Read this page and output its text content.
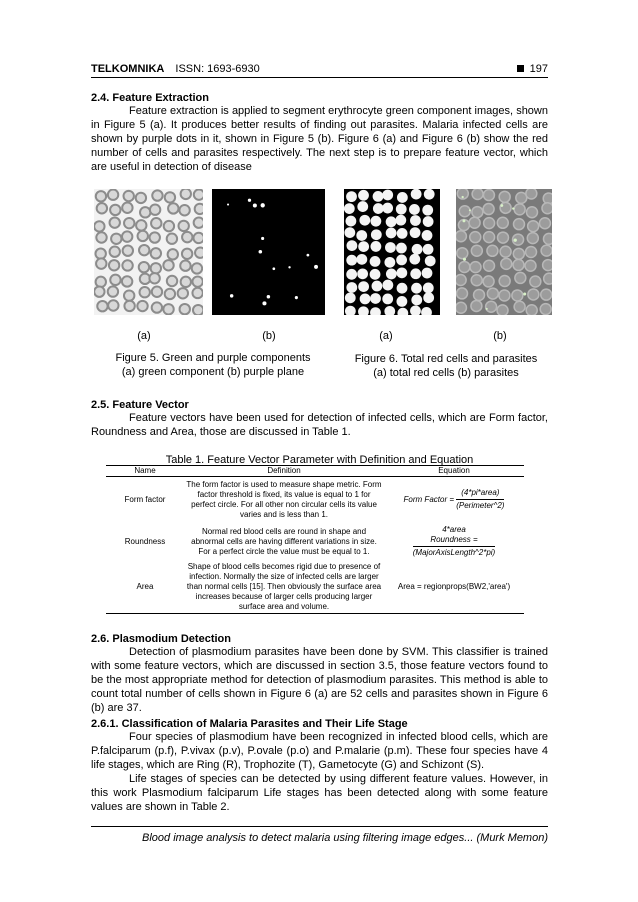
TELKOMNIKA ISSN: 1693-6930	197
2.4. Feature Extraction
Feature extraction is applied to segment erythrocyte green component images, shown in Figure 5 (a). It produces better results of finding out parasites. Malaria infected cells are shown by purple dots in it, shown in Figure 5 (b). Figure 6 (a) and Figure 6 (b) show the red number of cells and parasites respectively. The next step is to prepare feature vector, which are useful in detection of disease
(a)	(b)	(a)	(b)
Figure 5. Green and purple components
(a) green component (b) purple plane
Figure 6. Total red cells and parasites
(a) total red cells (b) parasites
2.5. Feature Vector
Feature vectors have been used for detection of infected cells, which are Form factor, Roundness and Area, those are discussed in Table 1.
Table 1. Feature Vector Parameter with Definition and Equation
Name	Definition	Equation
Form factor	The form factor is used to measure shape metric. Form factor threshold is fixed, its value is equal to 1 for perfect circle. For all other non circular cells its value varies and is less than 1.	Form Factor = $\frac{\text{(4*pi*area)}}{\text{(Perimeter\textasciicircum{}2)}}$
Roundness	Normal red blood cells are round in shape and abnormal cells are having different variations in size. For a perfect circle the value must be equal to 1.	4*area
Roundness =
(MajorAxisLength^2*pi)

Area	Shape of blood cells becomes rigid due to presence of infection. Normally the size of infected cells are larger than normal cells [15]. Then obviously the surface area increases because of larger cells producing larger surface area and volume.	Area = regionprops(BW2,'area')
2.6. Plasmodium Detection
Detection of plasmodium parasites have been done by SVM. This classifier is trained with some feature vectors, which are discussed in section 3.5, those feature vectors found to be the most appropriate method for detection of plasmodium parasites. This method is able to count total number of cells shown in Figure 6 (a) are 52 cells and parasites shown in Figure 6 (b) are 37.
2.6.1. Classification of Malaria Parasites and Their Life Stage
Four species of plasmodium have been recognized in infected blood cells, which are P.falciparum (p.f), P.vivax (p.v), P.ovale (p.o) and P.malarie (p.m). These four species have 4 life stages, which are Ring (R), Trophozite (T), Gametocyte (G) and Schizont (S).
Life stages of species can be detected by using different feature values. However, in this work Plasmodium falciparum Life stages has been detected along with some feature values are shown in Table 2.
Blood image analysis to detect malaria using filtering image edges... (Murk Memon)
